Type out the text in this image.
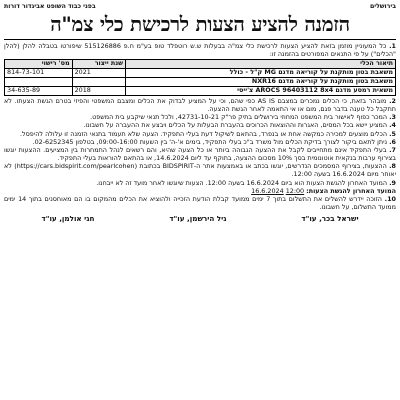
בירושלים
בפני כבוד השופט אביגדור דורות
הזמנה להציע הצעות לרכישת כלי צמ"ה

1. כל המעוניין מוזמן בזאת להציע הצעות לרכישת כלי צמ"ה בבעלות ש.ש רוטפלד טופ בע"מ ח.פ 515126886 שיפורטו בטבלה להלן (להלן "הכלים") על פי התנאים המפורטים בהזמנה זו:

תיאור הכלי	שנת ייצור	מס' רישוי
משאבת בטון מותקנת על קוריאה מדגם MG ק"ל - כולל	2021	814-73-101
משאבת בטון מותקנת על קוריאה מדגם NXR16		
משאית רמסע מדגם AROCS 96403112 8x4 צ'ייסי	2018	34-635-89

2. מובהר בזאת, כי הכלים נמכרים במצבם AS IS כפי שהם, וכי על המציע לבדוק את הכלים ומצבם המשפטי והפיזי בטרם הגשת הצעתו. לא תתקבל כל טענה בדבר פגם, מום או אי התאמה לאחר הגשת ההצעה.

3. המכר כפוף לאישור בית המשפט המחוזי בירושלים בתיק פר"ק 42731-10-21, ולכל תנאי שיקבע בית המשפט.

4. המציע יישא בכל המסים, האגרות וההוצאות הכרוכים בהעברת הבעלות על הכלים ויבצע את ההעברה על חשבונו.

5. הכלים מוצעים למכירה כמקשה אחת או בנפרד, בהתאם לשיקול דעת בעלי התפקיד. הצעה שלא תעמוד בתנאי הזמנה זו עלולה להיפסל.

6. ניתן לתאם ביקור לצורך בדיקת הכלים מול משרד ב"כ בעלי התפקיד, בימים א'-ה' בין השעות 09:00-16:00, בטלפון 02-6252345.

7. בעלי התפקיד אינם מתחייבים לקבל את ההצעה הגבוהה ביותר או כל הצעה שהיא, והם רשאים לנהל התמחרות בין המציעים. ההצעות יוגשו בצירוף ערבות בנקאית אוטונומית בסך 10% מסכום ההצעה, בתוקף עד ליום 14.6.2024, או בהתאם להוראות בעלי התפקיד.

8. ההצעות, בצירוף המסמכים הנדרשים, יוגשו בכתב או באמצעות אתר ה-BIDSPIRIT בכתובת (https://cars.bidspirit.com/pearlcohen) לא יאוחר מיום 16.6.2024 בשעה 12:00.

9. המועד האחרון להגשת הצעות הוא ביום 16.6.2024 בשעה 12:00. הצעות שיוגשו לאחר מועד זה לא ייבחנו.

המועד האחרון להגשת הצעות: 16.6.2024 12:00

10. הזוכה יידרש להשלים את התשלום בתוך 7 ימים ממועד קבלת הודעת הזכייה ולהוציא את הכלים מהמקום בו הם מאוחסנים בתוך 14 ימים ממועד התשלום, על חשבונו.

ישראל בכר, עו"ד
גיל הירשמן, עו"ד
חגי אולמן, עו"ד
